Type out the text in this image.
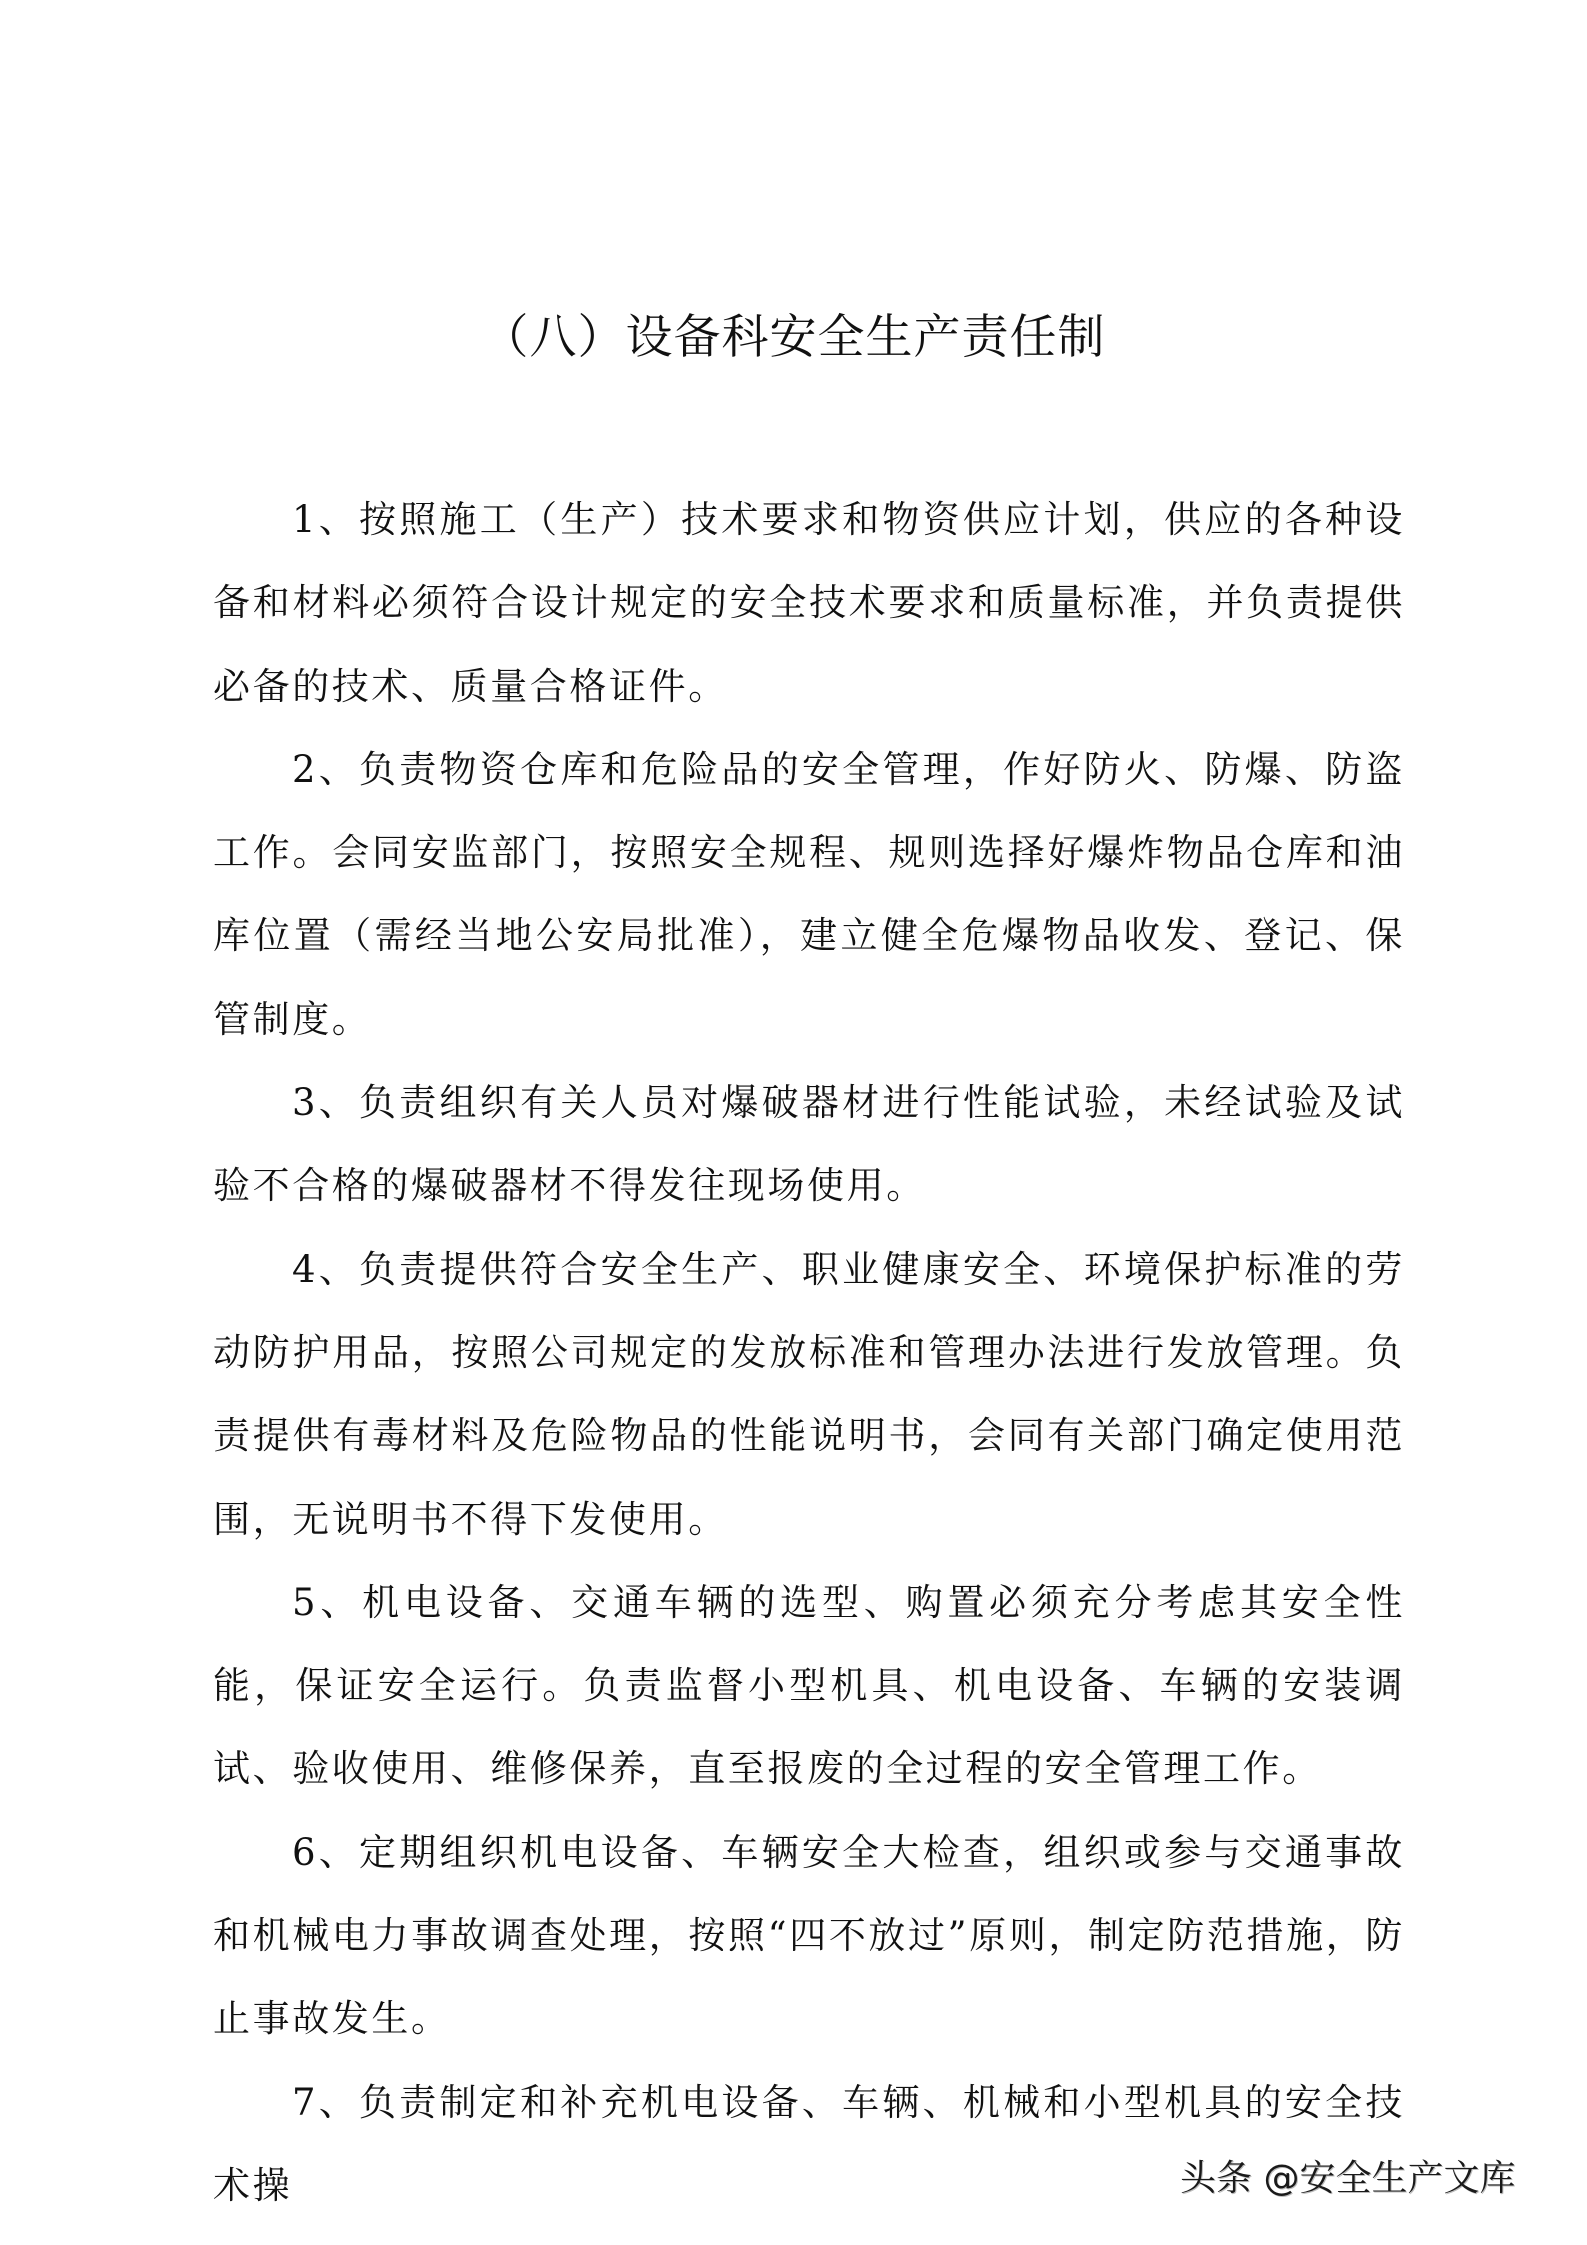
（八）设备科安全生产责任制

1、按照施工（生产）技术要求和物资供应计划，供应的各种设备和材料必须符合设计规定的安全技术要求和质量标准，并负责提供必备的技术、质量合格证件。

2、负责物资仓库和危险品的安全管理，作好防火、防爆、防盗工作。会同安监部门，按照安全规程、规则选择好爆炸物品仓库和油库位置（需经当地公安局批准），建立健全危爆物品收发、登记、保管制度。

3、负责组织有关人员对爆破器材进行性能试验，未经试验及试验不合格的爆破器材不得发往现场使用。

4、负责提供符合安全生产、职业健康安全、环境保护标准的劳动防护用品，按照公司规定的发放标准和管理办法进行发放管理。负责提供有毒材料及危险物品的性能说明书，会同有关部门确定使用范围，无说明书不得下发使用。

5、机电设备、交通车辆的选型、购置必须充分考虑其安全性能，保证安全运行。负责监督小型机具、机电设备、车辆的安装调试、验收使用、维修保养，直至报废的全过程的安全管理工作。

6、定期组织机电设备、车辆安全大检查，组织或参与交通事故和机械电力事故调查处理，按照“四不放过”原则，制定防范措施，防止事故发生。

7、负责制定和补充机电设备、车辆、机械和小型机具的安全技术操	头条 @安全生产文库
